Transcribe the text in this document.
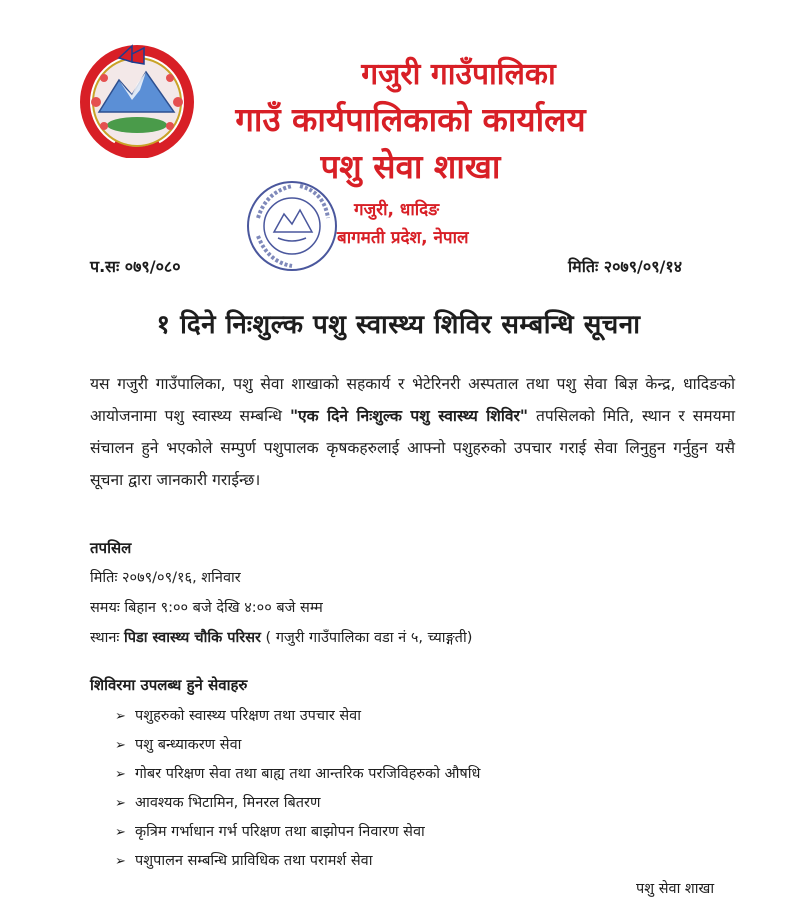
गजुरी गाउँपालिका
गाउँ कार्यपालिकाको कार्यालय
पशु सेवा शाखा
गजुरी, धादिङ
बागमती प्रदेश, नेपाल
प.सः ०७९/०८०	मितिः २०७९/०९/१४
१ दिने निःशुल्क पशु स्वास्थ्य शिविर सम्बन्धि सूचना
यस गजुरी गाउँपालिका, पशु सेवा शाखाको सहकार्य र भेटेरिनरी अस्पताल तथा पशु सेवा बिज्ञ केन्द्र, धादिङको आयोजनामा पशु स्वास्थ्य सम्बन्धि "एक दिने निःशुल्क पशु स्वास्थ्य शिविर" तपसिलको मिति, स्थान र समयमा संचालन हुने भएकोले सम्पुर्ण पशुपालक कृषकहरुलाई आफ्नो पशुहरुको उपचार गराई सेवा लिनुहुन गर्नुहुन यसै सूचना द्वारा जानकारी गराईन्छ।
तपसिल
मितिः २०७९/०९/१६, शनिवार
समयः बिहान ९:०० बजे देखि ४:०० बजे सम्म
स्थानः पिडा स्वास्थ्य चौकि परिसर ( गजुरी गाउँपालिका वडा नं ५, च्याङ्गती)
शिविरमा उपलब्ध हुने सेवाहरु
➢ पशुहरुको स्वास्थ्य परिक्षण तथा उपचार सेवा
➢ पशु बन्ध्याकरण सेवा
➢ गोबर परिक्षण सेवा तथा बाह्य तथा आन्तरिक परजिविहरुको औषधि
➢ आवश्यक भिटामिन, मिनरल बितरण
➢ कृत्रिम गर्भाधान गर्भ परिक्षण तथा बाझोपन निवारण सेवा
➢ पशुपालन सम्बन्धि प्राविधिक तथा परामर्श सेवा
पशु सेवा शाखा
